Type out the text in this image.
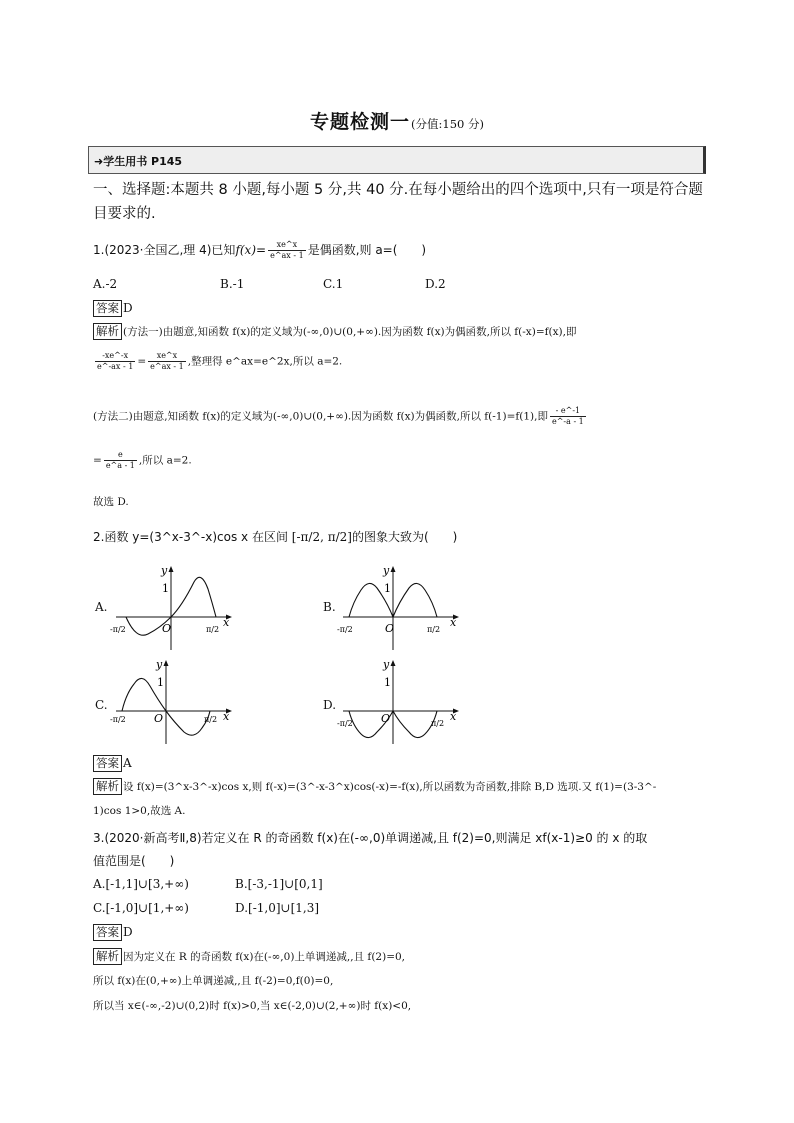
专题检测一(分值:150 分)
➜学生用书 P145
一、选择题:本题共 8 小题,每小题 5 分,共 40 分.在每小题给出的四个选项中,只有一项是符合题目要求的.
1.(2023·全国乙,理 4)已知$f(x)= \frac{xe\^{}x}{e\^{}ax - 1}$ 是偶函数,则 a=(　　)
A.-2	B.-1	C.1	D.2
答案 D
解析 (方法一)由题意,知函数 f(x)的定义域为(-∞,0)∪(0,+∞).因为函数 f(x)为偶函数,所以 f(-x)=f(x),即
$\frac{-xe\^{}-x}{e\^{}-ax - 1} = \frac{xe\^{}x}{e\^{}ax - 1}$ ,整理得 e^ax=e^2x,所以 a=2.
(方法二)由题意,知函数 f(x)的定义域为(-∞,0)∪(0,+∞).因为函数 f(x)为偶函数,所以 f(-1)=f(1),即 $\frac{- e\^{}-1}{e\^{}-a - 1}$
= $\frac{e}{e\^{}a - 1}$ ,所以 a=2.
故选 D.
2.函数 y=(3^x-3^-x)cos x 在区间 [-π/2, π/2]的图象大致为(　　)
A.
y
1
O	x
-π/2	π/2
B.
y
1
O	x
-π/2	π/2
C.
y
1
O	x
-π/2	π/2
D.
y
1
O	x
-π/2	π/2
答案 A
解析 设 f(x)=(3^x-3^-x)cos x,则 f(-x)=(3^-x-3^x)cos(-x)=-f(x),所以函数为奇函数,排除 B,D 选项.又 f(1)=(3-3^-
1)cos 1>0,故选 A.
3.(2020·新高考Ⅱ,8)若定义在 R 的奇函数 f(x)在(-∞,0)单调递减,且 f(2)=0,则满足 xf(x-1)≥0 的 x 的取
值范围是(　　)
A.[-1,1]∪[3,+∞)	B.[-3,-1]∪[0,1]
C.[-1,0]∪[1,+∞)	D.[-1,0]∪[1,3]
答案 D
解析 因为定义在 R 的奇函数 f(x)在(-∞,0)上单调递减,,且 f(2)=0,
所以 f(x)在(0,+∞)上单调递减,,且 f(-2)=0,f(0)=0,
所以当 x∈(-∞,-2)∪(0,2)时 f(x)>0,当 x∈(-2,0)∪(2,+∞)时 f(x)<0,
